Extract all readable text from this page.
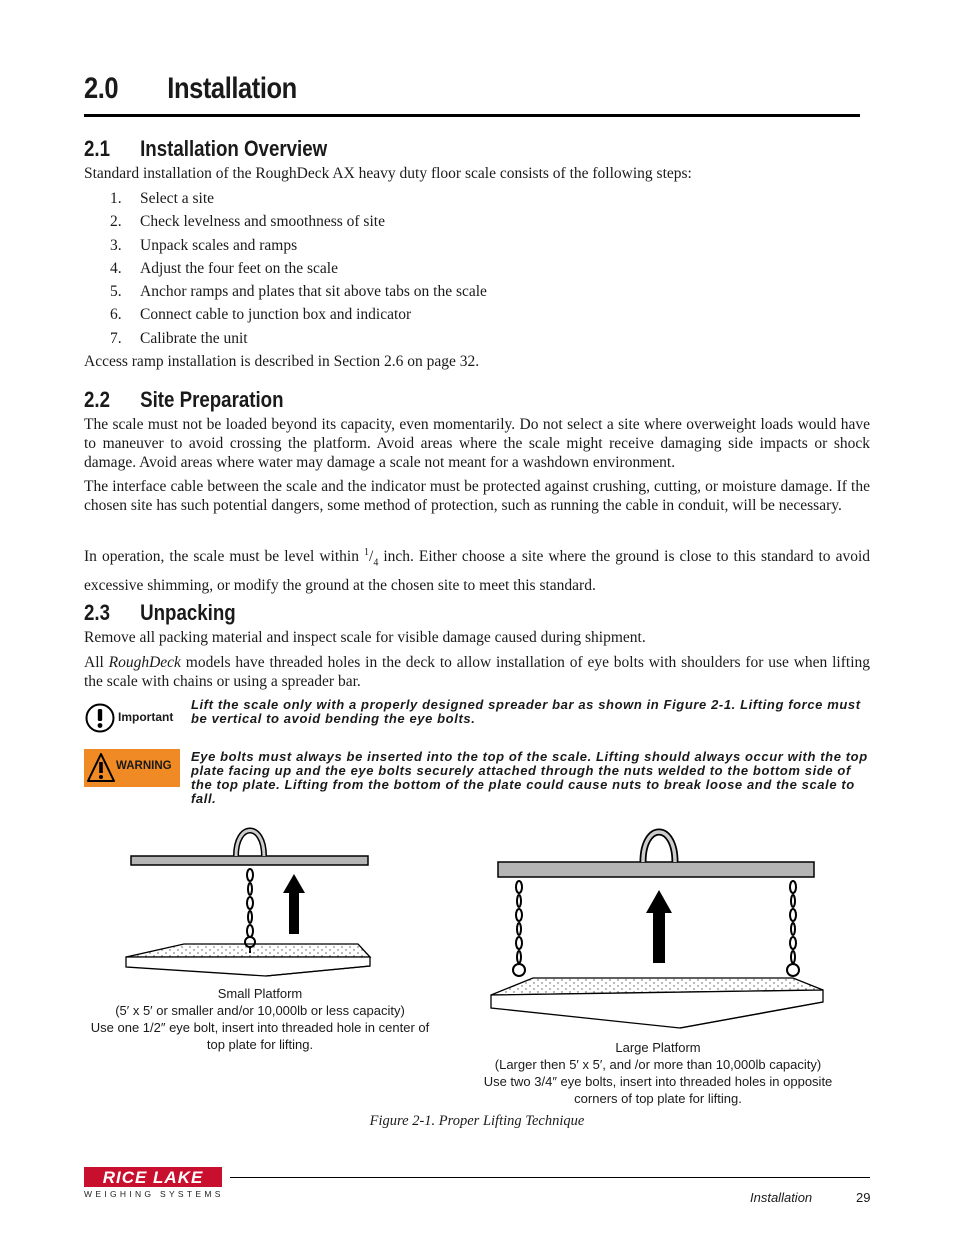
2.0 Installation
2.1 Installation Overview
Standard installation of the RoughDeck AX heavy duty floor scale consists of the following steps:
1. Select a site
2. Check levelness and smoothness of site
3. Unpack scales and ramps
4. Adjust the four feet on the scale
5. Anchor ramps and plates that sit above tabs on the scale
6. Connect cable to junction box and indicator
7. Calibrate the unit
Access ramp installation is described in Section 2.6 on page 32.
2.2 Site Preparation
The scale must not be loaded beyond its capacity, even momentarily. Do not select a site where overweight loads would have to maneuver to avoid crossing the platform. Avoid areas where the scale might receive damaging side impacts or shock damage. Avoid areas where water may damage a scale not meant for a washdown environment.
The interface cable between the scale and the indicator must be protected against crushing, cutting, or moisture damage. If the chosen site has such potential dangers, some method of protection, such as running the cable in conduit, will be necessary.
In operation, the scale must be level within $^1/_4$ inch. Either choose a site where the ground is close to this standard to avoid excessive shimming, or modify the ground at the chosen site to meet this standard.
2.3 Unpacking
Remove all packing material and inspect scale for visible damage caused during shipment.
All RoughDeck models have threaded holes in the deck to allow installation of eye bolts with shoulders for use when lifting the scale with chains or using a spreader bar.
Important
Lift the scale only with a properly designed spreader bar as shown in Figure 2-1. Lifting force must be vertical to avoid bending the eye bolts.
WARNING
Eye bolts must always be inserted into the top of the scale. Lifting should always occur with the top plate facing up and the eye bolts securely attached through the nuts welded to the bottom side of the top plate. Lifting from the bottom of the plate could cause nuts to break loose and the scale to fall.
Small Platform
(5′ x 5′ or smaller and/or 10,000lb or less capacity)
Use one 1/2″ eye bolt, insert into threaded hole in center of top plate for lifting.	Large Platform
(Larger then 5′ x 5′, and /or more than 10,000lb capacity)
Use two 3/4″ eye bolts, insert into threaded holes in opposite corners of top plate for lifting.
Figure 2-1. Proper Lifting Technique
RICE LAKE
WEIGHING SYSTEMS	Installation	29
